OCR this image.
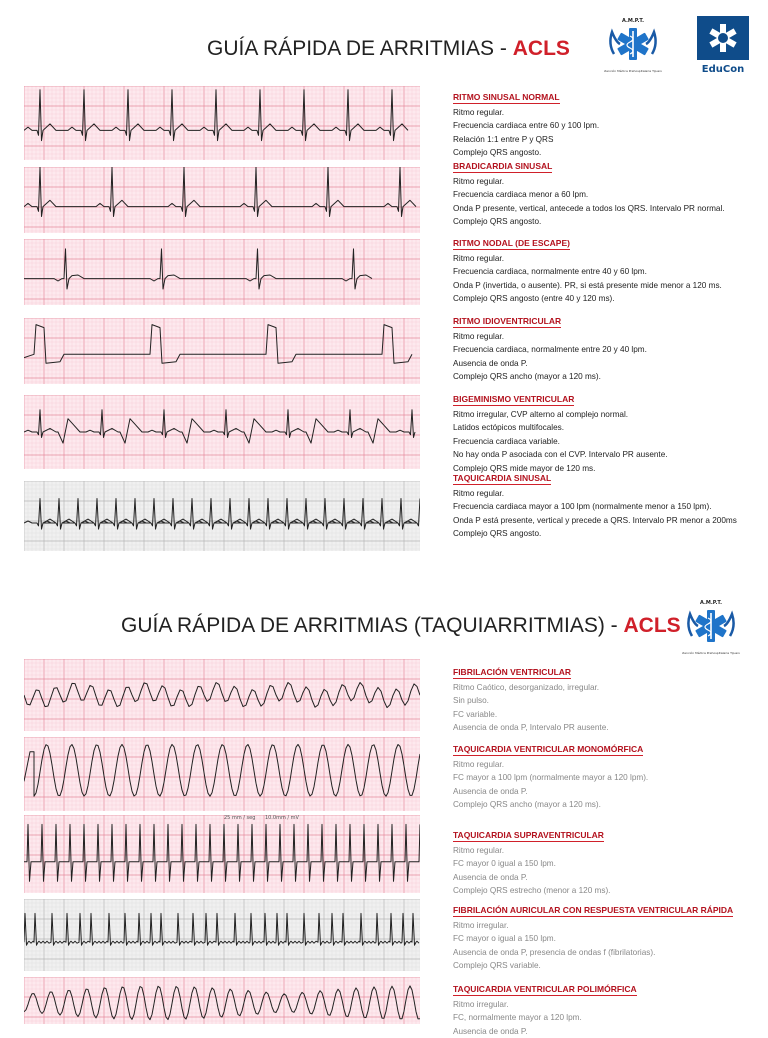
GUÍA RÁPIDA DE ARRITMIAS - ACLS
A.M.P.T.
Atención Médica Prehospitalaria Tijuana	EduCon
RITMO SINUSAL NORMAL
Ritmo regular.
Frecuencia cardiaca entre 60 y 100 lpm.
Relación 1:1 entre P y QRS
Complejo QRS angosto.
BRADICARDIA SINUSAL
Ritmo regular.
Frecuencia cardiaca menor a 60 lpm.
Onda P presente, vertical, antecede a todos los QRS. Intervalo PR normal.
Complejo QRS angosto.
RITMO NODAL (DE ESCAPE)
Ritmo regular.
Frecuencia cardiaca, normalmente entre 40 y 60 lpm.
Onda P (invertida, o ausente). PR, si está presente mide menor a 120 ms.
Complejo QRS angosto (entre 40 y 120 ms).
RITMO IDIOVENTRICULAR
Ritmo regular.
Frecuencia cardiaca, normalmente entre 20 y 40 lpm.
Ausencia de onda P.
Complejo QRS ancho (mayor a 120 ms).
BIGEMINISMO VENTRICULAR
Ritmo irregular, CVP alterno al complejo normal.
Latidos ectópicos multifocales.
Frecuencia cardiaca variable.
No hay onda P asociada con el CVP. Intervalo PR ausente.
Complejo QRS mide mayor de 120 ms.
TAQUICARDIA SINUSAL
Ritmo regular.
Frecuencia cardiaca mayor a 100 lpm (normalmente menor a 150 lpm).
Onda P está presente, vertical y precede a QRS. Intervalo PR menor a 200ms
Complejo QRS angosto.
GUÍA RÁPIDA DE ARRITMIAS (TAQUIARRITMIAS) - ACLS
A.M.P.T.
Atención Médica Prehospitalaria Tijuana
25 mm / seg      10.0mm / mV
FIBRILACIÓN VENTRICULAR
Ritmo Caótico, desorganizado, irregular.
Sin pulso.
FC variable.
Ausencia de onda P, Intervalo PR ausente.
TAQUICARDIA VENTRICULAR MONOMÓRFICA
Ritmo regular.
FC mayor a 100 lpm (normalmente mayor a 120 lpm).
Ausencia de onda P.
Complejo QRS ancho (mayor a 120 ms).
TAQUICARDIA SUPRAVENTRICULAR
Ritmo regular.
FC mayor 0 igual a 150 lpm.
Ausencia de onda P.
Complejo QRS estrecho (menor a 120 ms).
FIBRILACIÓN AURICULAR CON RESPUESTA VENTRICULAR RÁPIDA
Ritmo irregular.
FC mayor o igual a 150 lpm.
Ausencia de onda P, presencia de ondas f (fibrilatorias).
Complejo QRS variable.
TAQUICARDIA VENTRICULAR POLIMÓRFICA
Ritmo irregular.
FC, normalmente mayor a 120 lpm.
Ausencia de onda P.
